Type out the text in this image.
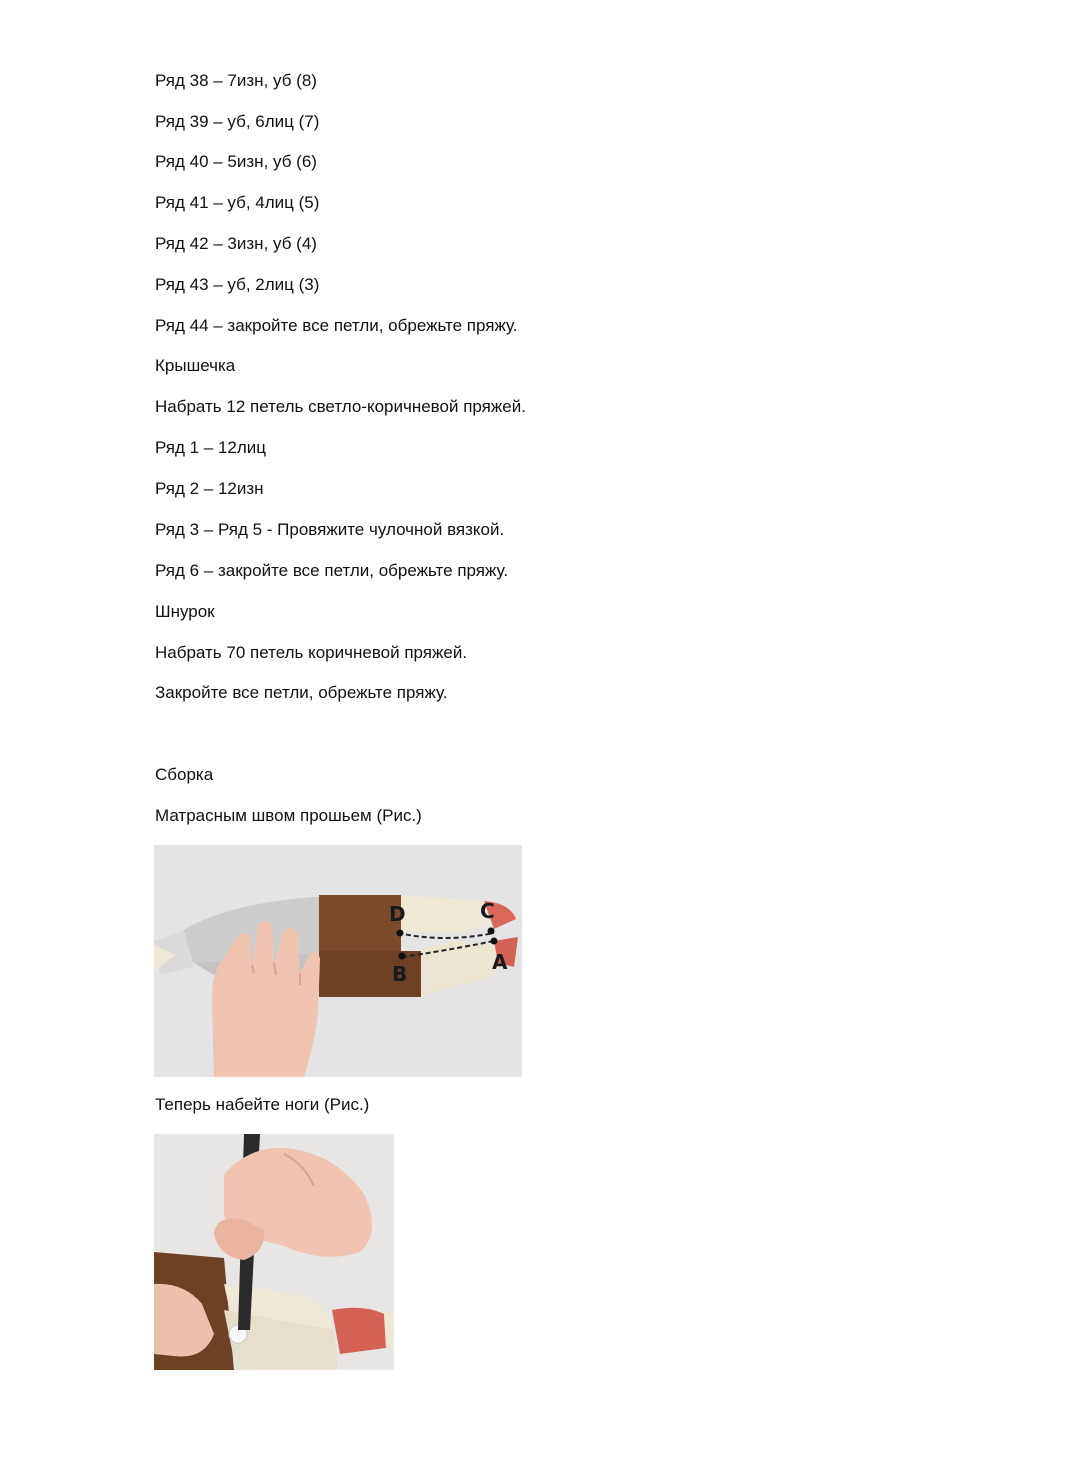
Ряд 38 – 7изн, уб (8)
Ряд 39 – уб, 6лиц (7)
Ряд 40 – 5изн, уб (6)
Ряд 41 – уб, 4лиц (5)
Ряд 42 – 3изн, уб (4)
Ряд 43 – уб, 2лиц (3)
Ряд 44 – закройте все петли, обрежьте пряжу.
Крышечка
Набрать 12 петель светло-коричневой пряжей.
Ряд 1 – 12лиц
Ряд 2 – 12изн
Ряд 3 – Ряд 5 - Провяжите чулочной вязкой.
Ряд 6 – закройте все петли, обрежьте пряжу.
Шнурок
Набрать 70 петель коричневой пряжей.
Закройте все петли, обрежьте пряжу.
Сборка
Матрасным швом прошьем (Рис.)
D	C
B	A
Теперь набейте ноги (Рис.)
